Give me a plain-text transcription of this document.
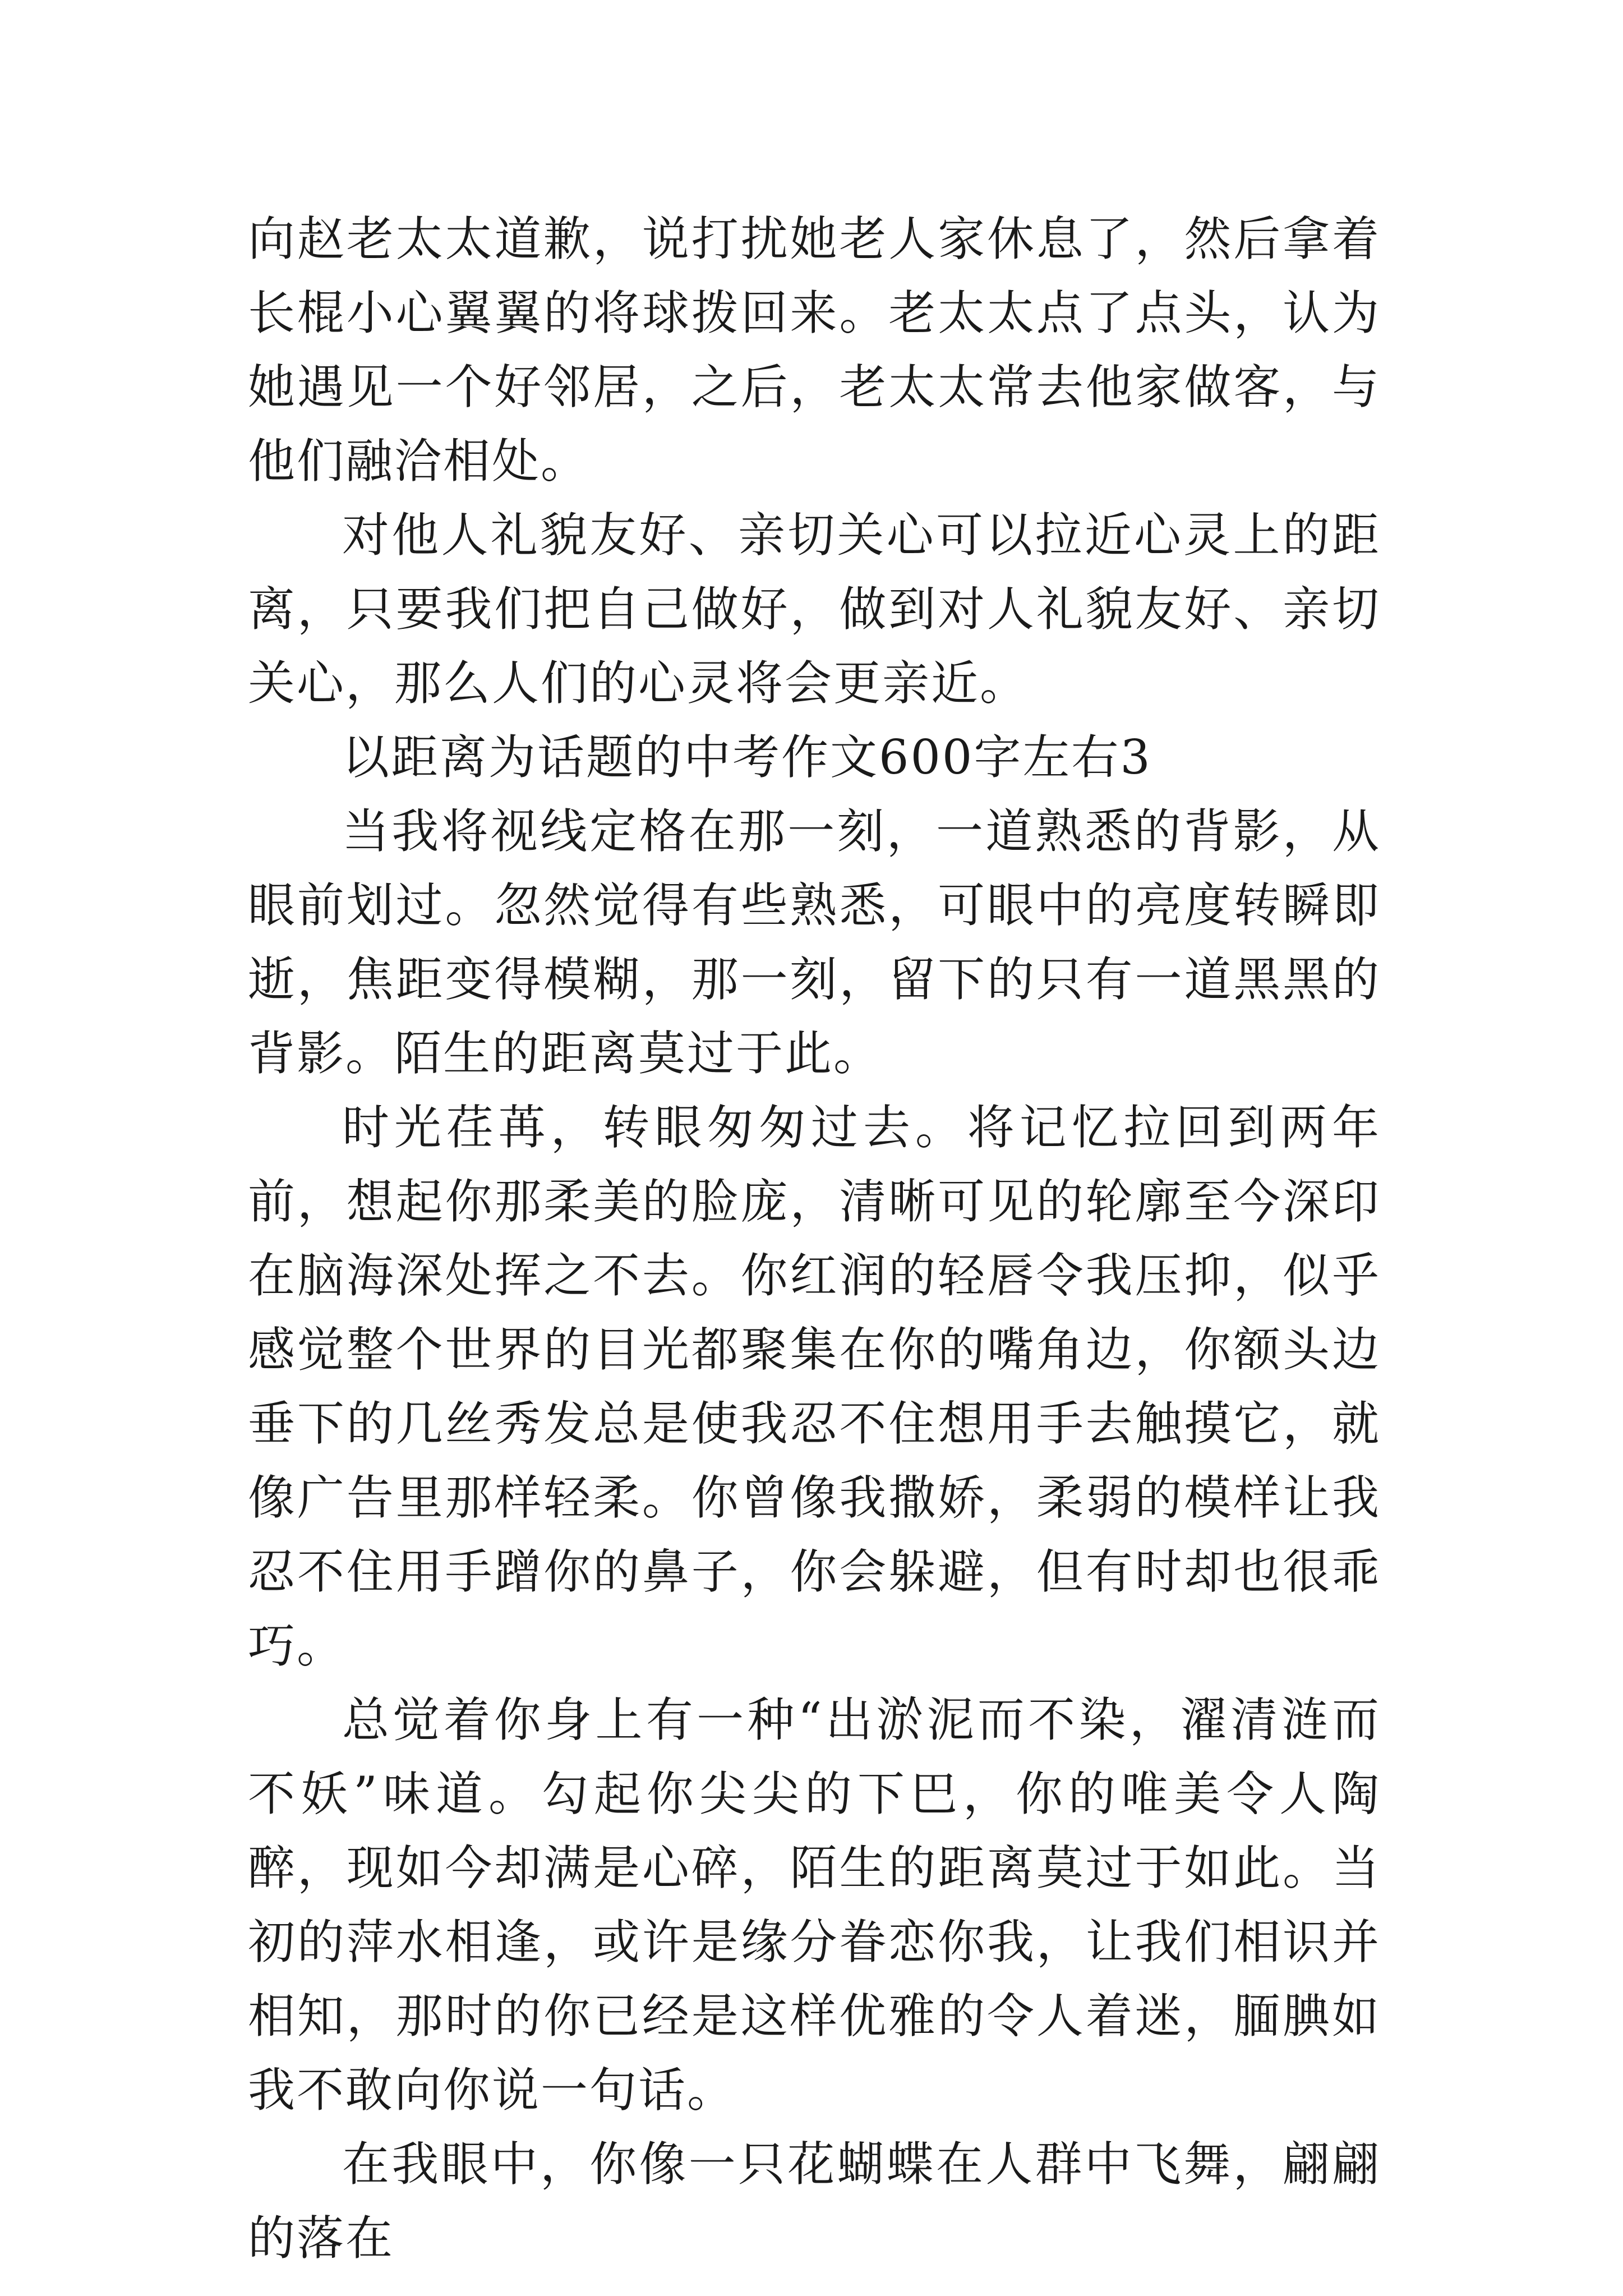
向赵老太太道歉，说打扰她老人家休息了，然后拿着长棍小心翼翼的将球拨回来。老太太点了点头，认为她遇见一个好邻居，之后，老太太常去他家做客，与他们融洽相处。

对他人礼貌友好、亲切关心可以拉近心灵上的距离，只要我们把自己做好，做到对人礼貌友好、亲切关心，那么人们的心灵将会更亲近。

以距离为话题的中考作文600字左右3

当我将视线定格在那一刻，一道熟悉的背影，从眼前划过。忽然觉得有些熟悉，可眼中的亮度转瞬即逝，焦距变得模糊，那一刻，留下的只有一道黑黑的背影。陌生的距离莫过于此。

时光荏苒，转眼匆匆过去。将记忆拉回到两年前，想起你那柔美的脸庞，清晰可见的轮廓至今深印在脑海深处挥之不去。你红润的轻唇令我压抑，似乎感觉整个世界的目光都聚集在你的嘴角边，你额头边垂下的几丝秀发总是使我忍不住想用手去触摸它，就像广告里那样轻柔。你曾像我撒娇，柔弱的模样让我忍不住用手蹭你的鼻子，你会躲避，但有时却也很乖巧。

总觉着你身上有一种“出淤泥而不染，濯清涟而不妖”味道。勾起你尖尖的下巴，你的唯美令人陶醉，现如今却满是心碎，陌生的距离莫过于如此。当初的萍水相逢，或许是缘分眷恋你我，让我们相识并相知，那时的你已经是这样优雅的令人着迷，腼腆如我不敢向你说一句话。

在我眼中，你像一只花蝴蝶在人群中飞舞，翩翩的落在
